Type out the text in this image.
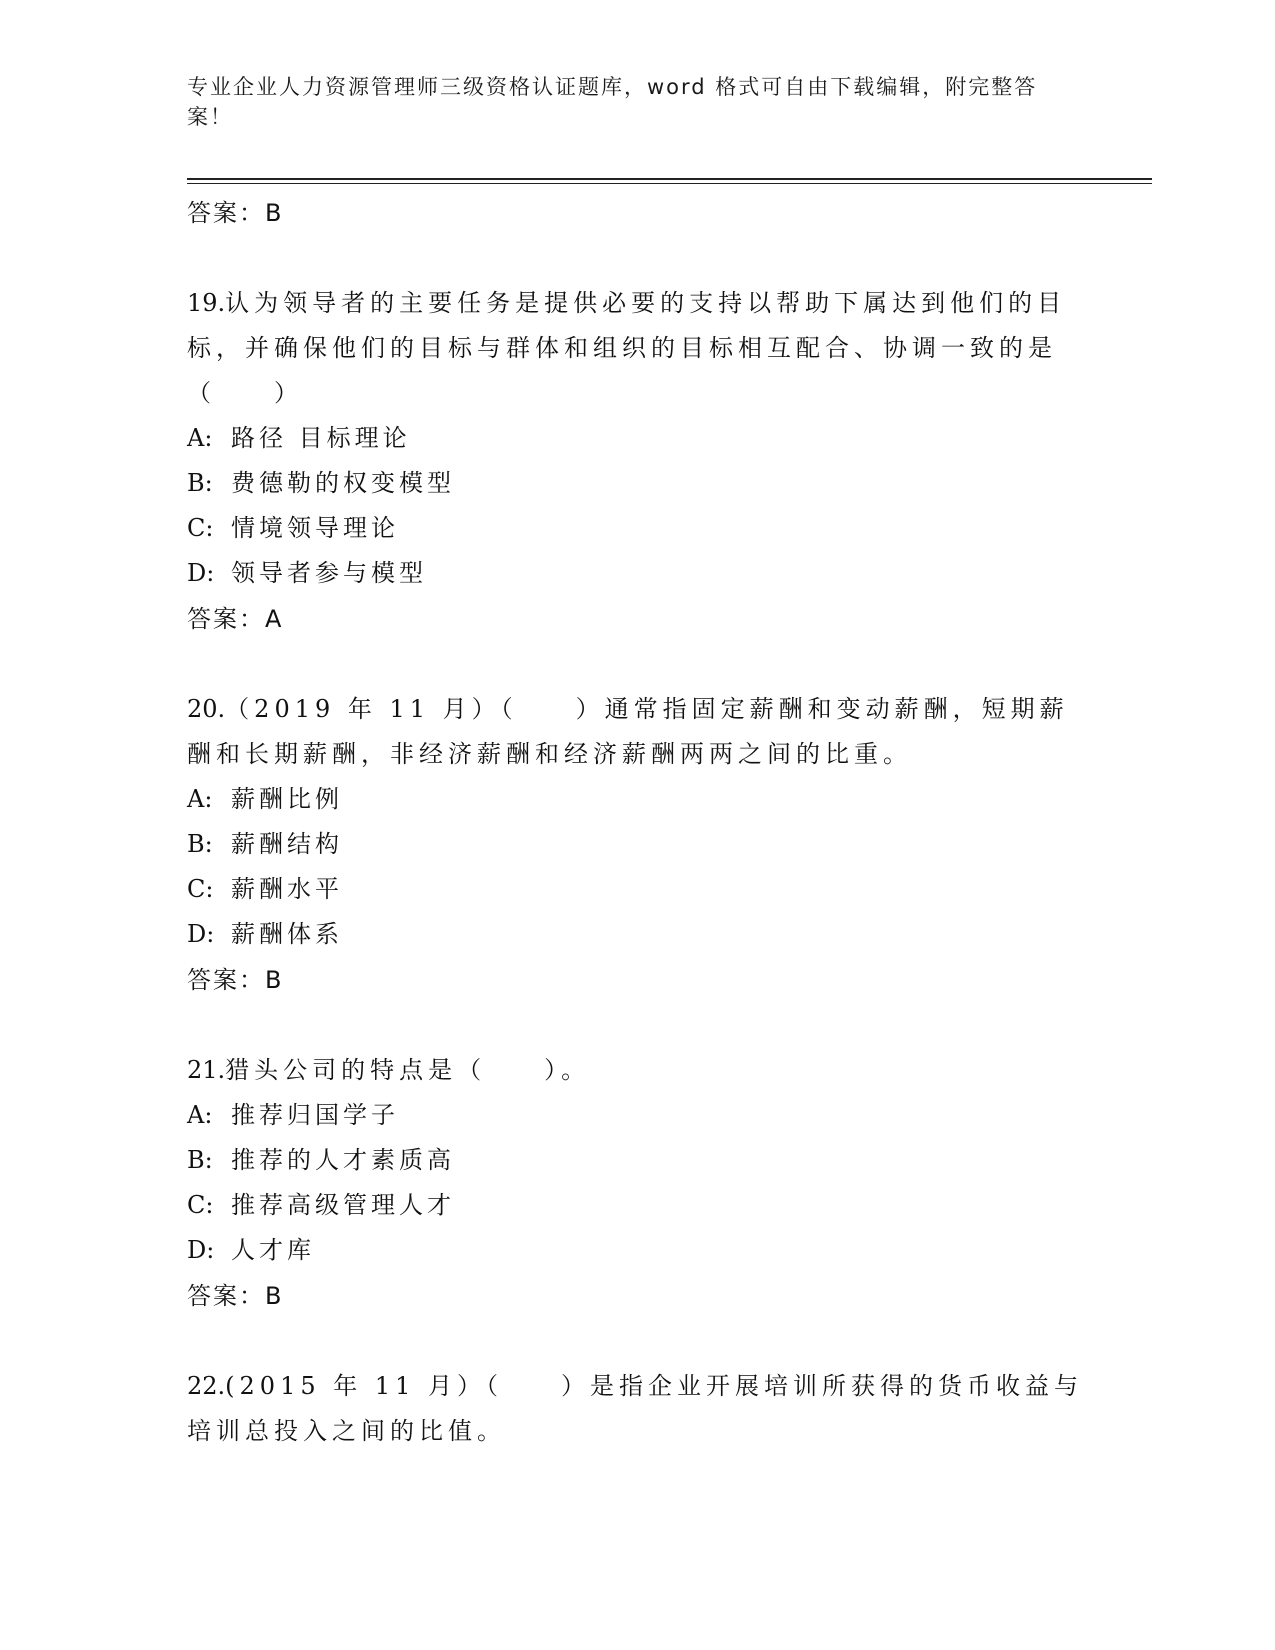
专业企业人力资源管理师三级资格认证题库，word 格式可自由下载编辑，附完整答案！
答案：B
19.认为领导者的主要任务是提供必要的支持以帮助下属达到他们的目标，并确保他们的目标与群体和组织的目标相互配合、协调一致的是（　　）
A: 路径 目标理论
B: 费德勒的权变模型
C: 情境领导理论
D: 领导者参与模型
答案：A
20.（2019 年 11 月）（　　）通常指固定薪酬和变动薪酬，短期薪酬和长期薪酬，非经济薪酬和经济薪酬两两之间的比重。
A: 薪酬比例
B: 薪酬结构
C: 薪酬水平
D: 薪酬体系
答案：B
21.猎头公司的特点是（　　）。
A: 推荐归国学子
B: 推荐的人才素质高
C: 推荐高级管理人才
D: 人才库
答案：B
22.(2015 年 11 月）（　　）是指企业开展培训所获得的货币收益与培训总投入之间的比值。
